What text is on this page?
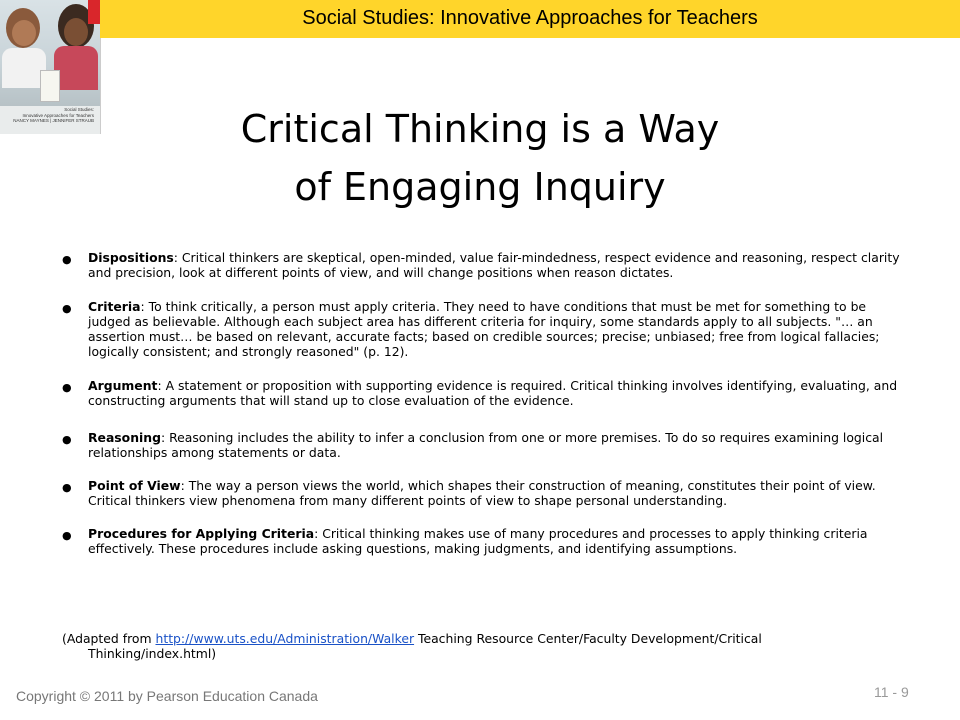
Social Studies:
Innovative Approaches for Teachers
NANCY MAYNES | JENNIFER STRAUB
Social Studies: Innovative Approaches for Teachers
Critical Thinking is a Way
of Engaging Inquiry
● Dispositions: Critical thinkers are skeptical, open-minded, value fair-mindedness, respect evidence and reasoning, respect clarity and precision, look at different points of view, and will change positions when reason dictates.
● Criteria: To think critically, a person must apply criteria. They need to have conditions that must be met for something to be judged as believable. Although each subject area has different criteria for inquiry, some standards apply to all subjects. "… an assertion must… be based on relevant, accurate facts; based on credible sources; precise; unbiased; free from logical fallacies; logically consistent; and strongly reasoned" (p. 12).
● Argument: A statement or proposition with supporting evidence is required. Critical thinking involves identifying, evaluating, and constructing arguments that will stand up to close evaluation of the evidence.
● Reasoning: Reasoning includes the ability to infer a conclusion from one or more premises. To do so requires examining logical relationships among statements or data.
● Point of View: The way a person views the world, which shapes their construction of meaning, constitutes their point of view. Critical thinkers view phenomena from many different points of view to shape personal understanding.
● Procedures for Applying Criteria: Critical thinking makes use of many procedures and processes to apply thinking criteria effectively. These procedures include asking questions, making judgments, and identifying assumptions.
(Adapted from http://www.uts.edu/Administration/Walker Teaching Resource Center/Faculty Development/Critical
Thinking/index.html)
Copyright © 2011 by Pearson Education Canada	11 - 9
